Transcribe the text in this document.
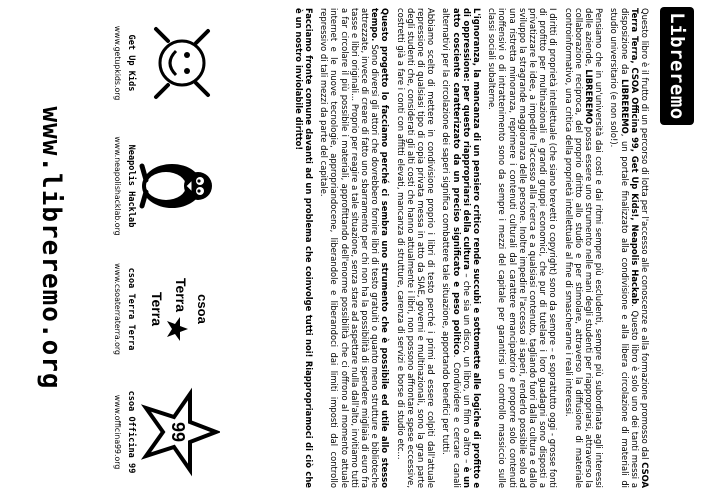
Libreremo

Questo libro è il frutto di un percorso di lotta per l'accesso alle conoscenze e alla formazione promosso dal CSOA Terra Terra, CSOA Officina 99, Get Up Kids!, Neapolis Hackab. Questo libro è solo uno dei tanti messi a disposizione da LIBREREMO, un portale finalizzato alla condivisione e alla libera circolazione di materiali di studio universitario (e non solo!).

Pensiamo che in un'università dai costi e dai ritmi sempre più escludenti, sempre più subordinata agli interessi delle aziende, LIBREREMO possa essere uno strumento nelle mani degli studenti per riappropriarsi, attraverso la collaborazione reciproca, del proprio diritto allo studio e per stimolare, attraverso la diffusione di materiale controinformativo, una critica della proprietà intellettuale al fine di smascherarne i reali interessi.

I diritti di proprietà intellettuale (che siano brevetti o copyright) sono da sempre – e soprattutto oggi - grosse fonti di profitto per multinazionali e grandi gruppi economici, che pur di tutelare i loro guadagni sono disposti a privatizzare le idee, a impedire l'accesso alla ricerca e a qualsiasi contenuto, tagliando fuori dalla cultura e dallo sviluppo la stragrande maggioranza delle persone. Inoltre impedire l'accesso ai saperi, renderlo possibile solo ad una ristretta minoranza, reprimere i contenuti culturali dal carattere emancipatorio e proporre solo contenuti inoffensivi o di intrattenimento sono da sempre i mezzi del capitale per garantirsi un controllo massiccio sulle classi sociali subalterne.

L'ignoranza, la mancanza di un pensiero critico rende succubi e sottomette alle logiche di profitto e di oppressione: per questo riappropriarsi della cultura – che sia un disco, un libro, un film o altro – è un atto cosciente caratterizzato da un preciso significato e peso politico. Condividere e cercare canali alternativi per la circolazione dei saperi significa combattere tale situazione, apportando benefici per tutti.

Abbiamo scelto di mettere in condivisione proprio i libri di testo perché i primi ad essere colpiti dall'attuale repressione di qualsiasi tipo di copia privata messa in atto da SIAE, governi e multinazionali, sono la gran parte degli studenti che, considerati gli alti costi che hanno attualmente i libri, non possono affrontare spese eccessive, costretti già a fare i conti con affitti elevati, mancanza di strutture, carenza di servizi e borse di studio etc...

Questo progetto lo facciamo perché ci sembra uno strumento che è possibile ed utile allo stesso tempo. Sono diversi gli attori che dovrebbero fornire libri di testo gratuiti o quanto meno strutture e biblioteche attrezzate, invece di creare di fatto uno sbarramento per chi non ha la possibilità di spendere migliaia di euro fra tasse e libri originali... Proprio per reagire a tale situazione, senza stare ad aspettare nulla dall'alto, invitiamo tutti a far circolare il più possibile i materiali, approfittando dell'enorme possibilità che ci offrono al momento attuale internet e le nuove tecnologie, appropriandocene, liberandole e liberandoci dai limiti imposti dal controllo repressivo di tali mezzi da parte del capitale.

Facciamo fronte comune davanti ad un problema che coinvolge tutti noi! Riappropriamoci di ciò che è un nostro inviolabile diritto!

Get Up Kids
www.getupkids.org
Neapolis Hacklab
www.neapolishacklab.org
csoa
Terra
Terra
csoa Terra Terra
www.csoaterraterra.org
99
csoa Officina 99
www.officina99.org
www.libreremo.org
